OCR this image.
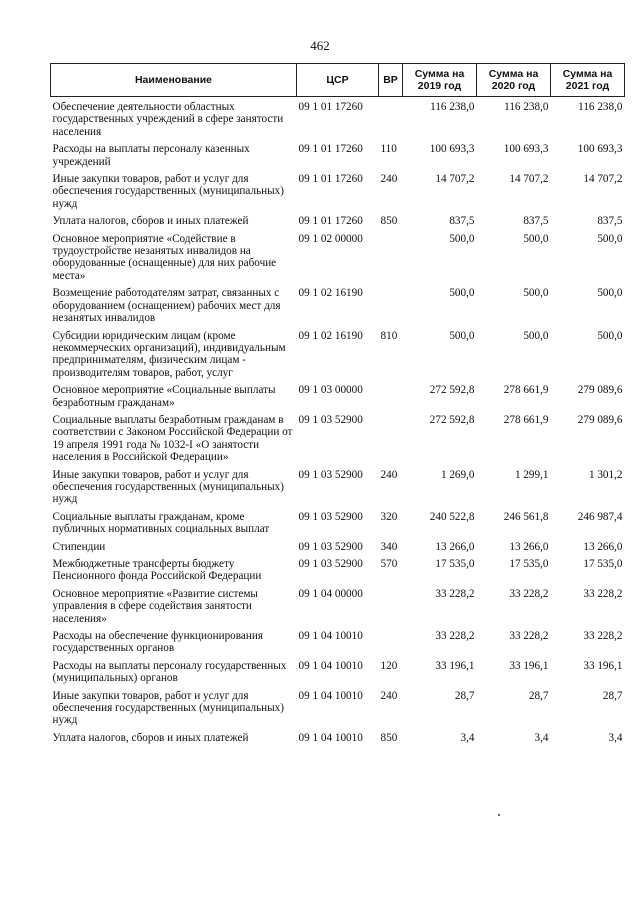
462
Наименование	ЦСР	ВР	Сумма на 2019 год	Сумма на 2020 год	Сумма на 2021 год
Обеспечение деятельности областных государственных учреждений в сфере занятости населения	09 1 01 17260		116 238,0	116 238,0	116 238,0
Расходы на выплаты персоналу казенных учреждений	09 1 01 17260	110	100 693,3	100 693,3	100 693,3
Иные закупки товаров, работ и услуг для обеспечения государственных (муниципальных) нужд	09 1 01 17260	240	14 707,2	14 707,2	14 707,2
Уплата налогов, сборов и иных платежей	09 1 01 17260	850	837,5	837,5	837,5
Основное мероприятие «Содействие в трудоустройстве незанятых инвалидов на оборудованные (оснащенные) для них рабочие места»	09 1 02 00000		500,0	500,0	500,0
Возмещение работодателям затрат, связанных с оборудованием (оснащением) рабочих мест для незанятых инвалидов	09 1 02 16190		500,0	500,0	500,0
Субсидии юридическим лицам (кроме некоммерческих организаций), индивидуальным предпринимателям, физическим лицам - производителям товаров, работ, услуг	09 1 02 16190	810	500,0	500,0	500,0
Основное мероприятие «Социальные выплаты безработным гражданам»	09 1 03 00000		272 592,8	278 661,9	279 089,6
Социальные выплаты безработным гражданам в соответствии с Законом Российской Федерации от 19 апреля 1991 года № 1032-I «О занятости населения в Российской Федерации»	09 1 03 52900		272 592,8	278 661,9	279 089,6
Иные закупки товаров, работ и услуг для обеспечения государственных (муниципальных) нужд	09 1 03 52900	240	1 269,0	1 299,1	1 301,2
Социальные выплаты гражданам, кроме публичных нормативных социальных выплат	09 1 03 52900	320	240 522,8	246 561,8	246 987,4
Стипендии	09 1 03 52900	340	13 266,0	13 266,0	13 266,0
Межбюджетные трансферты бюджету Пенсионного фонда Российской Федерации	09 1 03 52900	570	17 535,0	17 535,0	17 535,0
Основное мероприятие «Развитие системы управления в сфере содействия занятости населения»	09 1 04 00000		33 228,2	33 228,2	33 228,2
Расходы на обеспечение функционирования государственных органов	09 1 04 10010		33 228,2	33 228,2	33 228,2
Расходы на выплаты персоналу государственных (муниципальных) органов	09 1 04 10010	120	33 196,1	33 196,1	33 196,1
Иные закупки товаров, работ и услуг для обеспечения государственных (муниципальных) нужд	09 1 04 10010	240	28,7	28,7	28,7
Уплата налогов, сборов и иных платежей	09 1 04 10010	850	3,4	3,4	3,4
